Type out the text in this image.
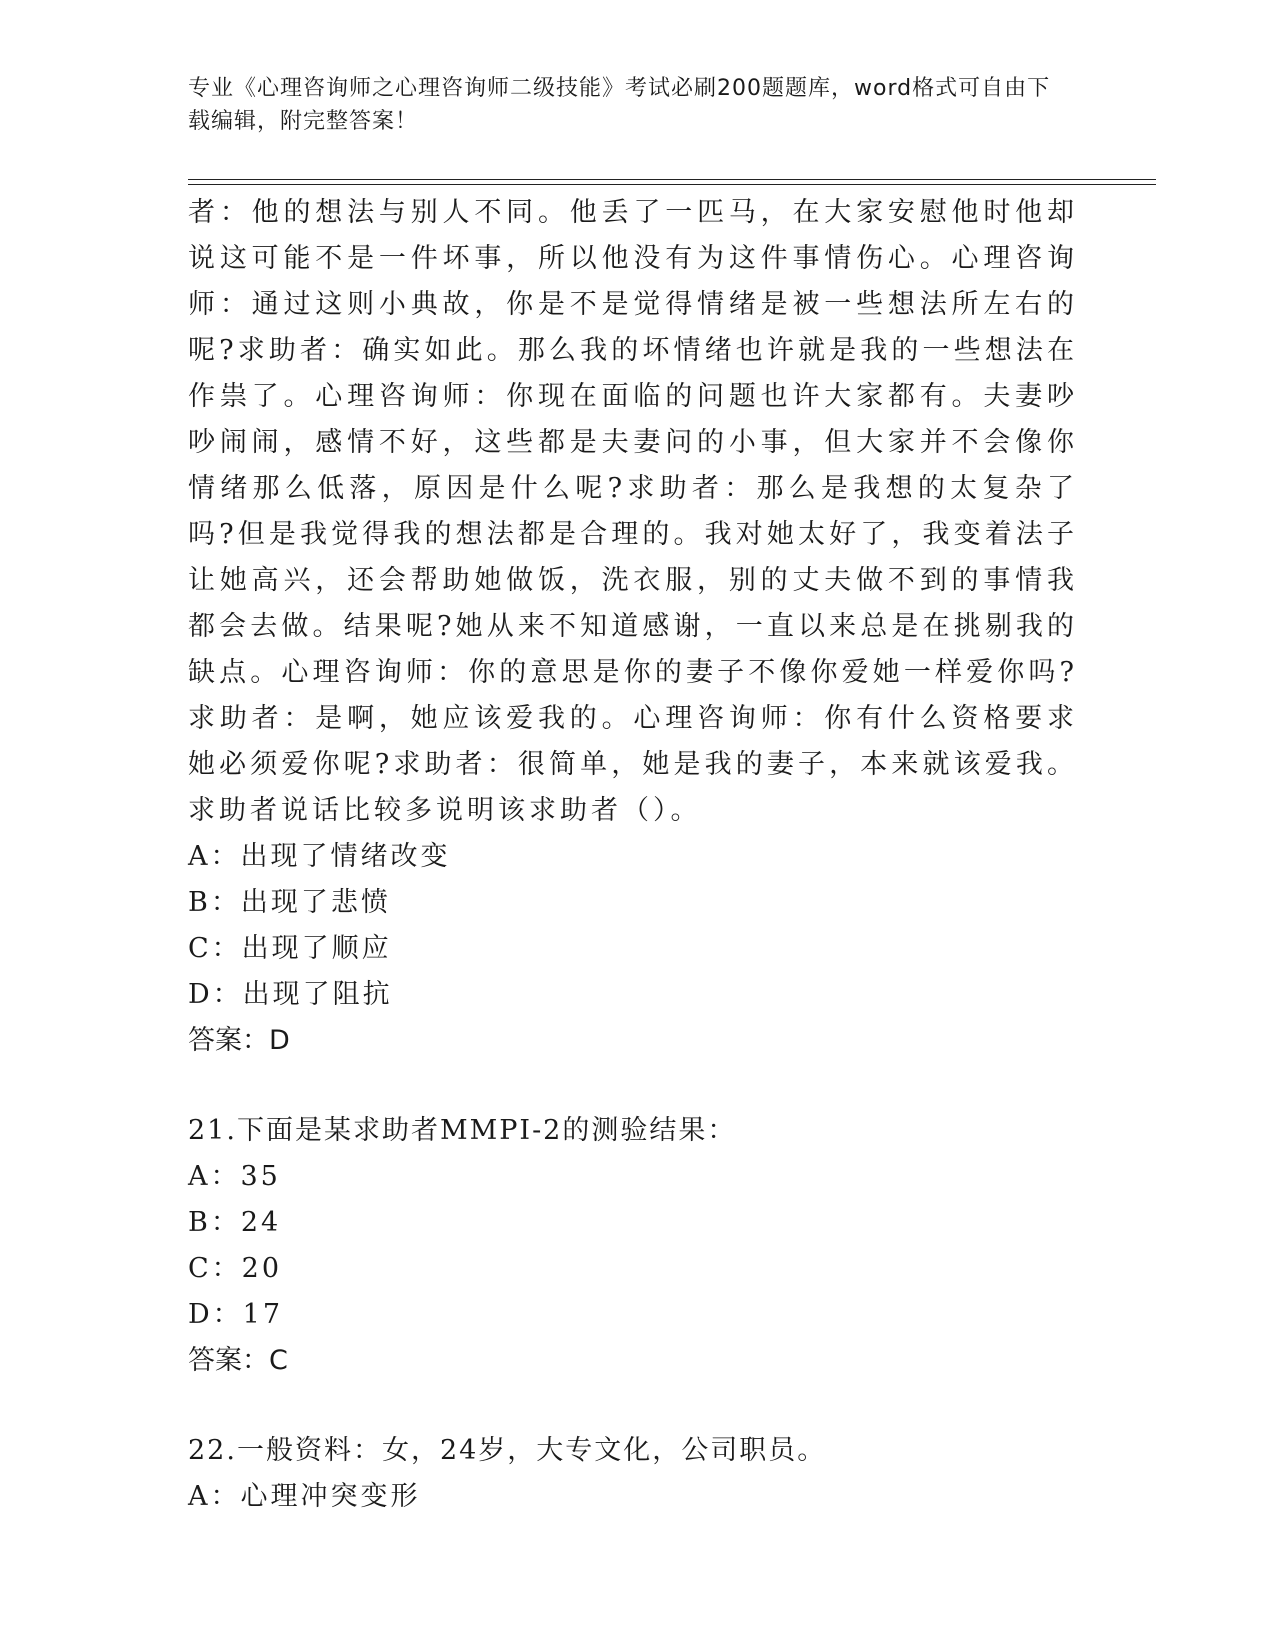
专业《心理咨询师之心理咨询师二级技能》考试必刷200题题库，word格式可自由下载编辑，附完整答案！

者：他的想法与别人不同。他丢了一匹马，在大家安慰他时他却说这可能不是一件坏事，所以他没有为这件事情伤心。心理咨询师：通过这则小典故，你是不是觉得情绪是被一些想法所左右的呢?求助者：确实如此。那么我的坏情绪也许就是我的一些想法在作祟了。心理咨询师：你现在面临的问题也许大家都有。夫妻吵吵闹闹，感情不好，这些都是夫妻问的小事，但大家并不会像你情绪那么低落，原因是什么呢?求助者：那么是我想的太复杂了吗?但是我觉得我的想法都是合理的。我对她太好了，我变着法子让她高兴，还会帮助她做饭，洗衣服，别的丈夫做不到的事情我都会去做。结果呢?她从来不知道感谢，一直以来总是在挑剔我的缺点。心理咨询师：你的意思是你的妻子不像你爱她一样爱你吗?求助者：是啊，她应该爱我的。心理咨询师：你有什么资格要求她必须爱你呢?求助者：很简单，她是我的妻子，本来就该爱我。求助者说话比较多说明该求助者（）。

A：出现了情绪改变

B：出现了悲愤

C：出现了顺应

D：出现了阻抗

答案：D

21.下面是某求助者MMPI-2的测验结果：

A：35

B：24

C：20

D：17

答案：C

22.一般资料：女，24岁，大专文化，公司职员。

A：心理冲突变形
